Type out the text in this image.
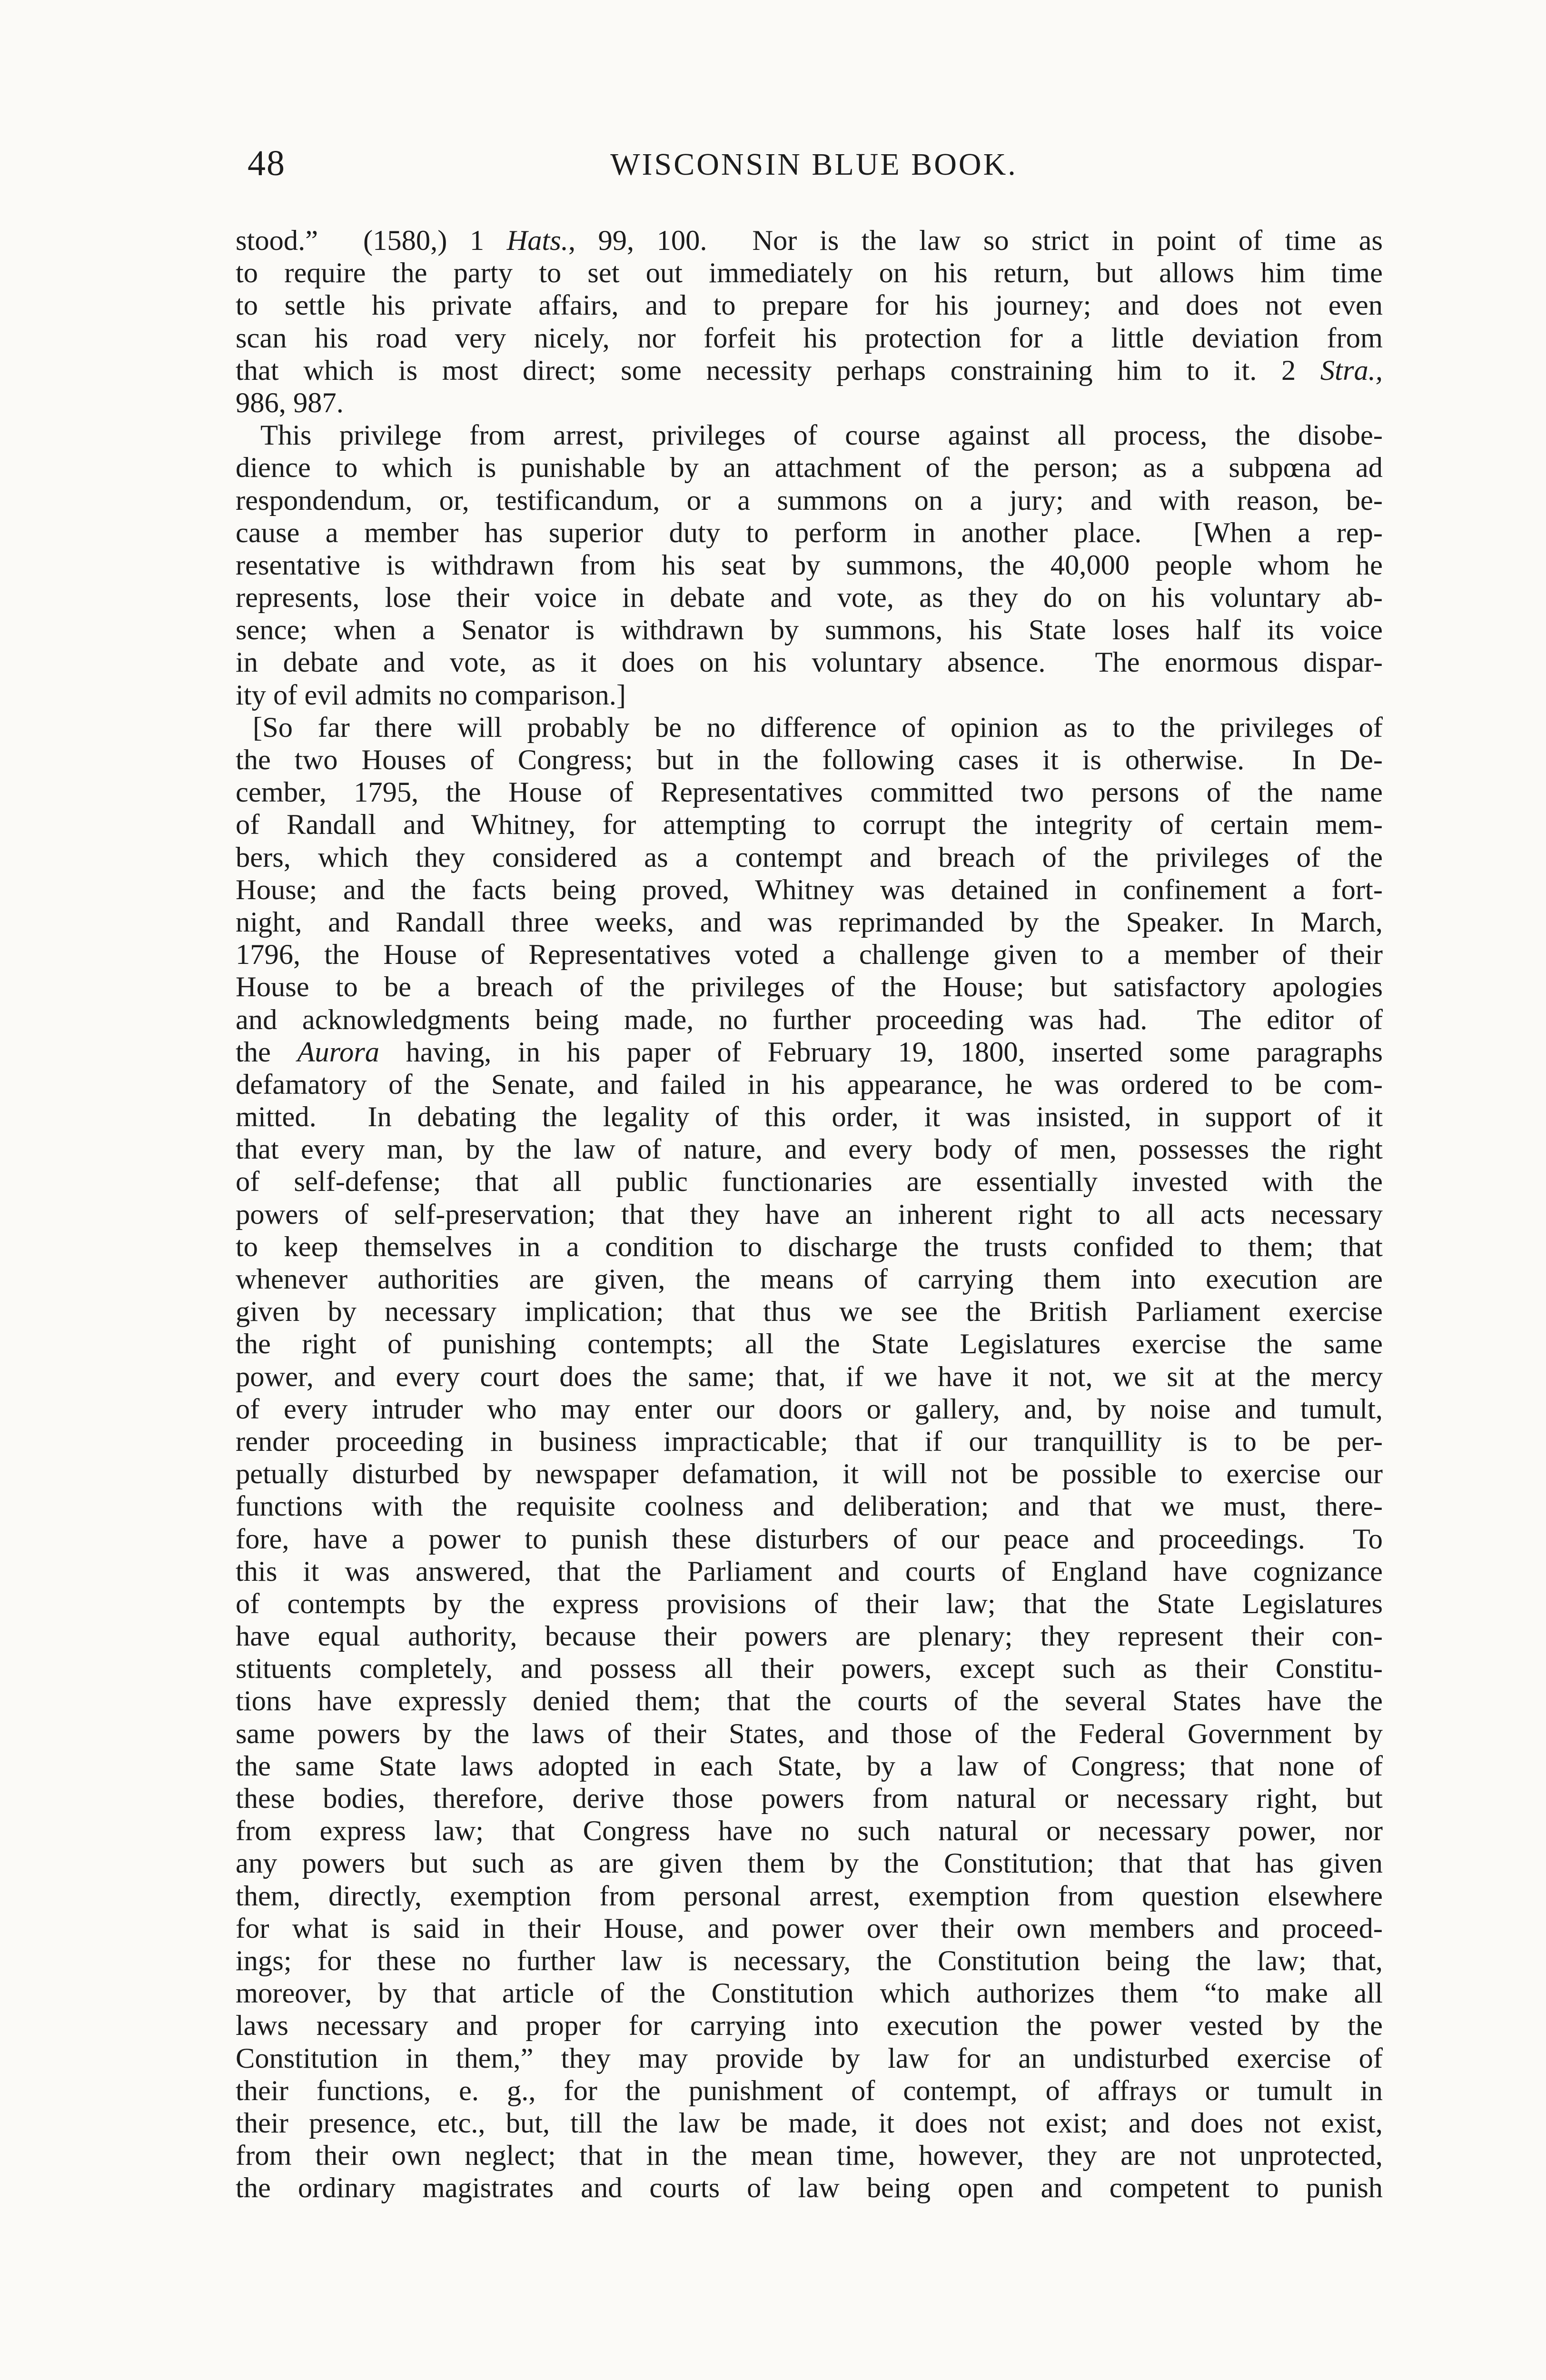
48	WISCONSIN BLUE BOOK.
stood.”  (1580,) 1 Hats., 99, 100.  Nor is the law so strict in point of time as
to require the party to set out immediately on his return, but allows him time
to settle his private affairs, and to prepare for his journey; and does not even
scan his road very nicely, nor forfeit his protection for a little deviation from
that which is most direct; some necessity perhaps constraining him to it. 2 Stra.,
986, 987.
This privilege from arrest, privileges of course against all process, the disobe-
dience to which is punishable by an attachment of the person; as a subpœna ad
respondendum, or, testificandum, or a summons on a jury; and with reason, be-
cause a member has superior duty to perform in another place.  [When a rep-
resentative is withdrawn from his seat by summons, the 40,000 people whom he
represents, lose their voice in debate and vote, as they do on his voluntary ab-
sence; when a Senator is withdrawn by summons, his State loses half its voice
in debate and vote, as it does on his voluntary absence.  The enormous dispar-
ity of evil admits no comparison.]
[So far there will probably be no difference of opinion as to the privileges of
the two Houses of Congress; but in the following cases it is otherwise.  In De-
cember, 1795, the House of Representatives committed two persons of the name
of Randall and Whitney, for attempting to corrupt the integrity of certain mem-
bers, which they considered as a contempt and breach of the privileges of the
House; and the facts being proved, Whitney was detained in confinement a fort-
night, and Randall three weeks, and was reprimanded by the Speaker. In March,
1796, the House of Representatives voted a challenge given to a member of their
House to be a breach of the privileges of the House; but satisfactory apologies
and acknowledgments being made, no further proceeding was had.  The editor of
the Aurora having, in his paper of February 19, 1800, inserted some paragraphs
defamatory of the Senate, and failed in his appearance, he was ordered to be com-
mitted.  In debating the legality of this order, it was insisted, in support of it
that every man, by the law of nature, and every body of men, possesses the right
of self-defense; that all public functionaries are essentially invested with the
powers of self-preservation; that they have an inherent right to all acts necessary
to keep themselves in a condition to discharge the trusts confided to them; that
whenever authorities are given, the means of carrying them into execution are
given by necessary implication; that thus we see the British Parliament exercise
the right of punishing contempts; all the State Legislatures exercise the same
power, and every court does the same; that, if we have it not, we sit at the mercy
of every intruder who may enter our doors or gallery, and, by noise and tumult,
render proceeding in business impracticable; that if our tranquillity is to be per-
petually disturbed by newspaper defamation, it will not be possible to exercise our
functions with the requisite coolness and deliberation; and that we must, there-
fore, have a power to punish these disturbers of our peace and proceedings.  To
this it was answered, that the Parliament and courts of England have cognizance
of contempts by the express provisions of their law; that the State Legislatures
have equal authority, because their powers are plenary; they represent their con-
stituents completely, and possess all their powers, except such as their Constitu-
tions have expressly denied them; that the courts of the several States have the
same powers by the laws of their States, and those of the Federal Government by
the same State laws adopted in each State, by a law of Congress; that none of
these bodies, therefore, derive those powers from natural or necessary right, but
from express law; that Congress have no such natural or necessary power, nor
any powers but such as are given them by the Constitution; that that has given
them, directly, exemption from personal arrest, exemption from question elsewhere
for what is said in their House, and power over their own members and proceed-
ings; for these no further law is necessary, the Constitution being the law; that,
moreover, by that article of the Constitution which authorizes them “to make all
laws necessary and proper for carrying into execution the power vested by the
Constitution in them,” they may provide by law for an undisturbed exercise of
their functions, e. g., for the punishment of contempt, of affrays or tumult in
their presence, etc., but, till the law be made, it does not exist; and does not exist,
from their own neglect; that in the mean time, however, they are not unprotected,
the ordinary magistrates and courts of law being open and competent to punish
